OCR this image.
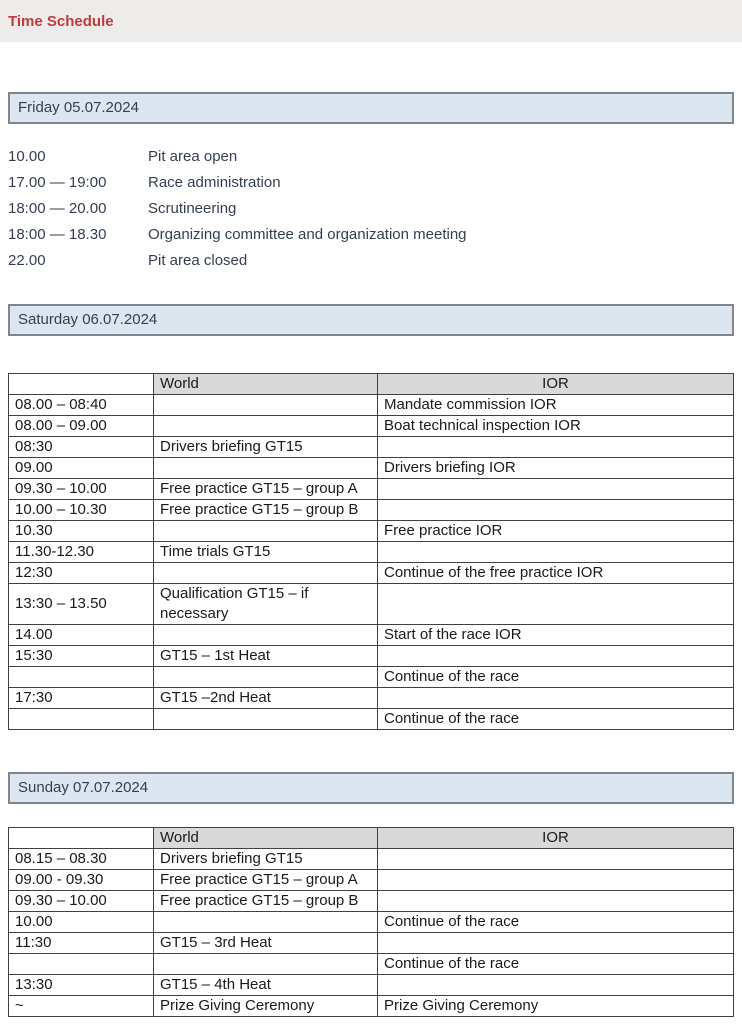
Time Schedule
Friday 05.07.2024
10.00	Pit area open
17.00 — 19:00	Race administration
18:00 — 20.00	Scrutineering
18:00 — 18.30	Organizing committee and organization meeting
22.00	Pit area closed
Saturday 06.07.2024
	World	IOR
08.00 – 08:40		Mandate commission IOR
08.00 – 09.00		Boat technical inspection IOR
08:30	Drivers briefing GT15	
09.00		Drivers briefing IOR
09.30 – 10.00	Free practice GT15 – group A	
10.00 – 10.30	Free practice GT15 – group B	
10.30		Free practice IOR
11.30-12.30	Time trials GT15	
12:30		Continue of the free practice IOR
13:30 – 13.50	Qualification GT15 – if necessary	
14.00		Start of the race IOR
15:30	GT15 – 1st Heat	
		Continue of the race
17:30	GT15 –2nd Heat	
		Continue of the race
Sunday 07.07.2024
	World	IOR
08.15 – 08.30	Drivers briefing GT15	
09.00 - 09.30	Free practice GT15 – group A	
09.30 – 10.00	Free practice GT15 – group B	
10.00		Continue of the race
11:30	GT15 – 3rd Heat	
		Continue of the race
13:30	GT15 – 4th Heat	
~	Prize Giving Ceremony	Prize Giving Ceremony
